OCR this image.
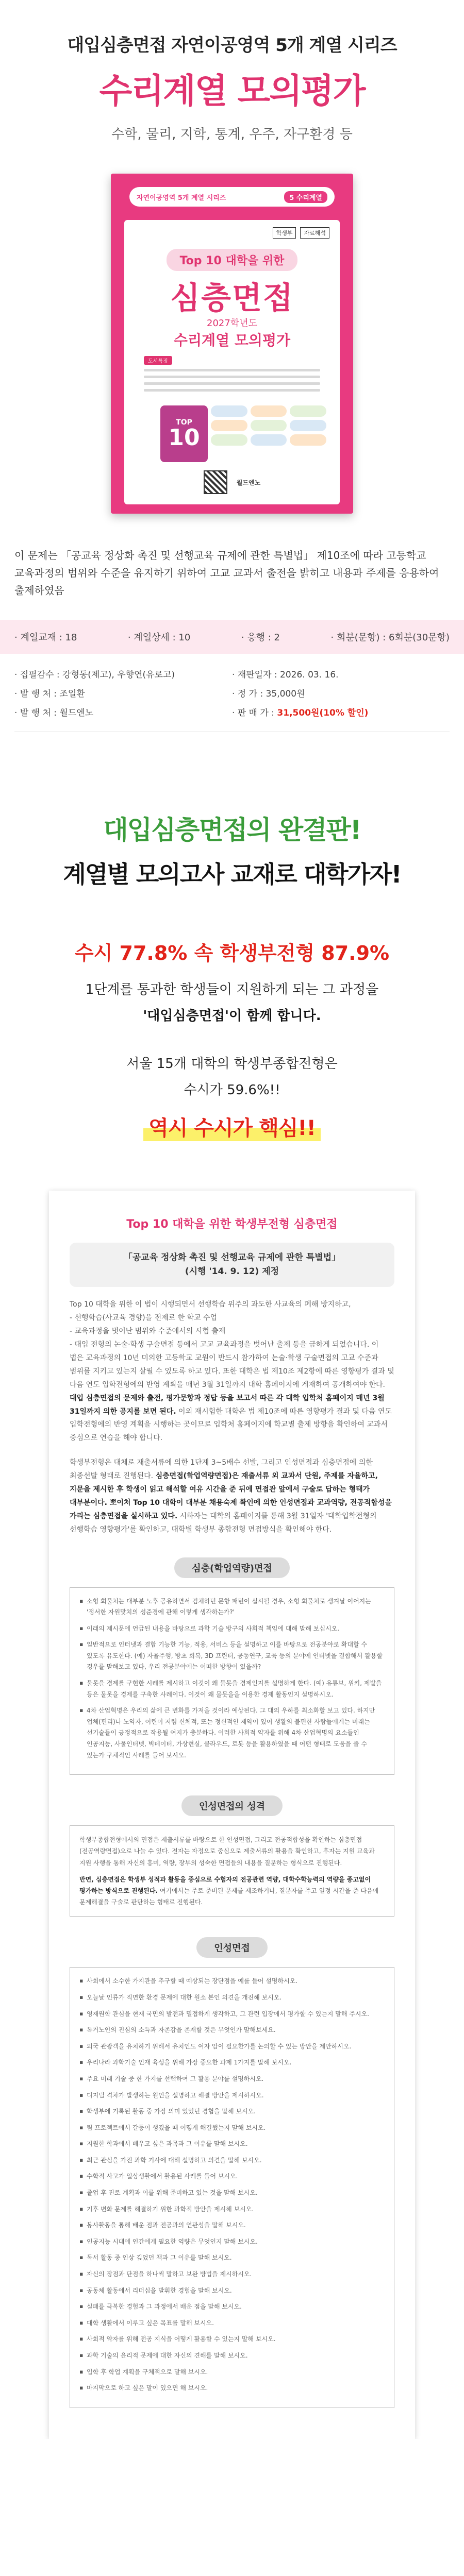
대입심층면접 자연이공영역 5개 계열 시리즈
수리계열 모의평가
수학, 물리, 지학, 통계, 우주, 자구환경 등
자연이공영역 5개 계열 시리즈	5 수리계열
학생부	자료해석
Top 10 대학을 위한
심층면접
2027학년도
수리계열 모의평가
도서특징
TOP
10
월드엔노

이 문제는 「공교육 정상화 촉진 및 선행교육 규제에 관한 특별법」 제10조에 따라 고등학교 교육과정의 범위와 수준을 유지하기 위하여 고교 교과서 출전을 밝히고 내용과 주제를 응용하여 출제하였음

· 계열교재 : 18	· 계열상세 : 10	· 응행 : 2	· 회분(문항) : 6회분(30문항)
· 집필감수 : 강형동(제고), 우향연(유로고)	· 재판일자 : 2026. 03. 16.
· 발 행 처 : 조일환	· 정 가 : 35,000원
· 발 행 처 : 월드엔노	· 판 매 가 : 31,500원(10% 할인)
대입심층면접의 완결판!
계열별 모의고사 교재로 대학가자!
수시 77.8% 속 학생부전형 87.9%
1단계를 통과한 학생들이 지원하게 되는 그 과정을
'대입심층면접'이 함께 합니다.
서울 15개 대학의 학생부종합전형은
수시가 59.6%!!
역시 수시가 핵심!!
Top 10 대학을 위한 학생부전형 심층면접
「공교육 정상화 촉진 및 선행교육 규제에 관한 특별법」
(시행 '14. 9. 12) 제정

Top 10 대학을 위한 이 법이 시행되면서 선행학습 위주의 과도한 사교육의 폐해 방지하고,
- 선행학습(사교육 경향)을 전제로 한 학교 수업
- 교육과정을 벗어난 범위와 수준에서의 시험 출제
- 대입 전형의 논술·학생 구술면접 등에서 고교 교육과정을 벗어난 출제 등을 금하게 되었습니다. 이 법은 교육과정의 10년 미의한 고등학교 교원이 반드시 참가하여 논술·학생 구술면접의 고교 수준과 범위를 지키고 있는지 살필 수 있도록 하고 있다. 또한 대학은 법 제10조 제2항에 따른 영향평가 결과 및 다음 연도 입학전형에의 반영 계획을 매년 3월 31일까지 대학 홈페이지에 게재하여 공개하여야 한다. 대입 심층면접의 문제와 출전, 평가문항과 정답 등을 보고서 따른 각 대학 입학처 홈페이지 매년 3월 31일까지 의한 공지를 보면 된다. 이외 재시험한 대학은 법 제10조에 따른 영향평가 결과 및 다음 연도 입학전형에의 반영 계획을 시행하는 곳이므로 입학처 홈페이지에 학교별 출제 방향을 확인하여 교과서 중심으로 연습을 해야 합니다.

학생부전형은 대체로 재출서류에 의한 1단계 3~5배수 선발, 그리고 인성면접과 심층면접에 의한 최종선발 형태로 진행된다. 심층면접(학업역량면접)은 재출서류 외 교과서 단원, 주제를 자율하고, 지문을 제시한 후 학생이 읽고 해석할 여유 시간을 준 뒤에 면접관 앞에서 구술로 답하는 형태가 대부분이다. 뽀이처 Top 10 대학이 대부분 채용숙제 확인에 의한 인성면접과 교과역량, 전공적합성을 가리는 심층면접을 실시하고 있다. 시하자는 대학의 홈페이지를 통해 3월 31일자 '대학입학전형의 선행학습 영향평가'를 확인하고, 대학별 학생부 종합전형 면접방식을 확인해야 한다.

심층(학업역량)면접
▪ 소형 회물처는 대부분 노후 공유하면서 검체하던 문항 패턴이 실시될 경우, 소형 회물처로 생겨날 이어지는 '정서한 자원맞치의 성준경에 관해 이렇게 생각하는가?'
▪ 이래의 제시문에 언급된 내용을 바탕으로 과학 기술 방구의 사회적 책임에 대해 말해 보십시오.
▪ 일반적으로 인터넷과 결합 기능한 기능, 적용, 서비스 등을 설명하고 이를 바탕으로 전공분야로 확대할 수 있도록 유도한다. (예) 자율주행, 방초 회복, 3D 프린터, 공동연구, 교육 등의 분야에 인터넷을 결합해서 활용할 경우를 말해보고 있다, 우리 전공분야에는 어떠한 방향이 있을까?
▪ 물못을 경제를 구현한 시례를 제시하고 이것이 왜 물못을 경제인지를 설명하게 한다. (예) 유튜브, 위키, 제발을 등은 물못을 경제를 구축한 사례이다. 이것이 왜 물못을을 이용한 경제 활동인지 설명하시오.
▪ 4차 산업혁명은 우리의 삶에 큰 변화를 가져올 것이라 예상된다. 그 대의 우하를 최소화할 보고 있다. 하지만 업체(편리)나 노약자, 어린이 저렴 신체적, 또는 정신적인 제약이 있어 생활의 불편한 사람들에게는 미래는 선기술들이 긍정적으로 작용될 여지가 충분하다. 이러한 사회적 약자를 위해 4차 산업혁명의 요소들인 인공지능, 사물인터넷, 빅데이터, 가상현실, 클라우드, 로봇 등을 활용하였을 때 어떤 형태로 도움을 줄 수 있는가 구체적인 사례를 들어 보시오.
인성면접의 성격

학생부종합전형에서의 면접은 제출서류를 바탕으로 한 인성면접, 그리고 전공적합성을 확인하는 심층면접(전공역량면접)으로 나눌 수 있다. 전자는 자정으로 중심으로 제출서류의 활용을 확인하고, 후자는 지원 교육과 지원 사행을 통해 자신의 흥미, 역량, 장부의 성숙한 면접들의 내용을 질문하는 형식으로 진행된다.

반면, 심층면접은 학생부 성적과 활동을 중심으로 수험자의 전공관련 역량, 대학수학능력의 역량을 종고없이 평가하는 방식으로 진행된다. 여기에서는 주로 준비된 문제를 제조하거나, 질문자를 주고 일정 시간을 준 다음에 문제해결을 구술로 판단하는 형태로 진행된다.

인성면접
▪ 사회에서 소수한 가지관을 추구할 때 예상되는 장단점을 예를 들어 설명하시오.
▪ 오늘날 인류가 직면한 환경 문제에 대한 원소 본인 의견을 개진해 보시오.
▪ 영재원학 관심을 현재 국민의 발전과 밀접하게 생각하고, 그 관련 입장에서 평가할 수 있는지 말해 주시오.
▪ 독거노인의 진심의 소득과 자존감을 존재할 것은 무엇인가 말해보세요.
▪ 외국 관광객을 유치하기 위해서 유치인도 여자 암이 필요한가를 논의할 수 있는 방안을 제안하시오.
▪ 우리나라 과학기술 인재 육성을 위해 가장 중요한 과제 1가지를 말해 보시오.
▪ 주요 미래 기술 중 한 가지를 선택하여 그 활용 분야를 설명하시오.
▪ 디지털 격차가 발생하는 원인을 설명하고 해결 방안을 제시하시오.
▪ 학생부에 기록된 활동 중 가장 의미 있었던 경험을 말해 보시오.
▪ 팀 프로젝트에서 갈등이 생겼을 때 어떻게 해결했는지 말해 보시오.
▪ 지원한 학과에서 배우고 싶은 과목과 그 이유를 말해 보시오.
▪ 최근 관심을 가진 과학 기사에 대해 설명하고 의견을 말해 보시오.
▪ 수학적 사고가 일상생활에서 활용된 사례를 들어 보시오.
▪ 졸업 후 진로 계획과 이를 위해 준비하고 있는 것을 말해 보시오.
▪ 기후 변화 문제를 해결하기 위한 과학적 방안을 제시해 보시오.
▪ 봉사활동을 통해 배운 점과 전공과의 연관성을 말해 보시오.
▪ 인공지능 시대에 인간에게 필요한 역량은 무엇인지 말해 보시오.
▪ 독서 활동 중 인상 깊었던 책과 그 이유를 말해 보시오.
▪ 자신의 장점과 단점을 하나씩 말하고 보완 방법을 제시하시오.
▪ 공동체 활동에서 리더십을 발휘한 경험을 말해 보시오.
▪ 실패를 극복한 경험과 그 과정에서 배운 점을 말해 보시오.
▪ 대학 생활에서 이루고 싶은 목표를 말해 보시오.
▪ 사회적 약자를 위해 전공 지식을 어떻게 활용할 수 있는지 말해 보시오.
▪ 과학 기술의 윤리적 문제에 대한 자신의 견해를 말해 보시오.
▪ 입학 후 학업 계획을 구체적으로 말해 보시오.
▪ 마지막으로 하고 싶은 말이 있으면 해 보시오.
